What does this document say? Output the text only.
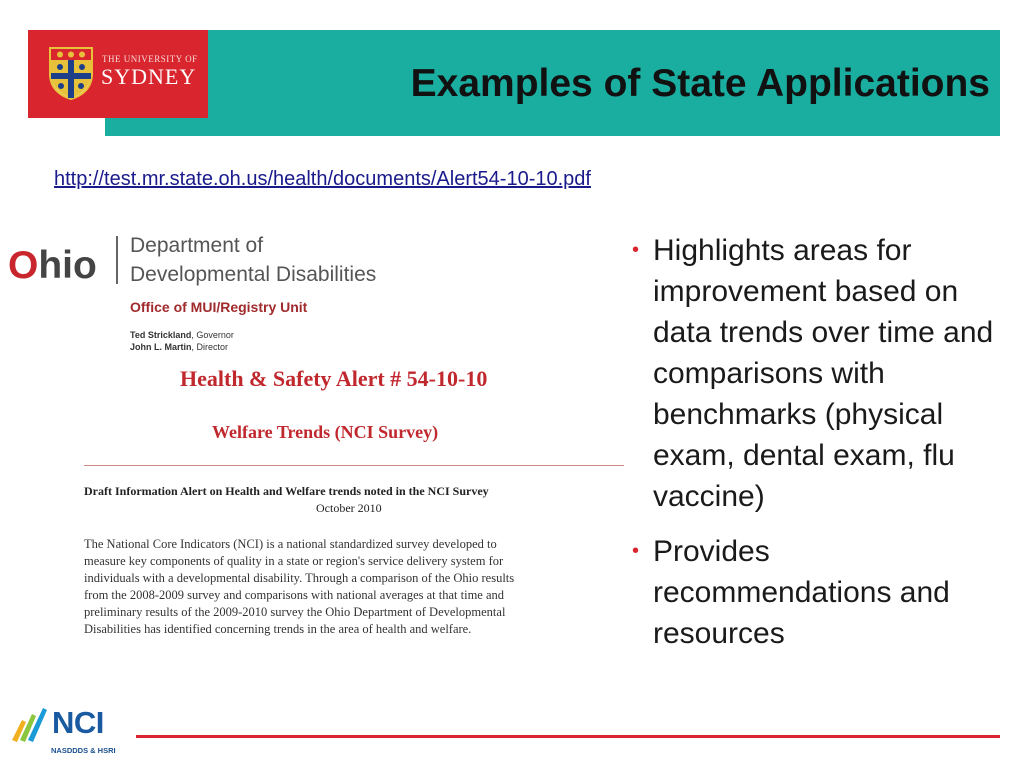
THE UNIVERSITY OF
SYDNEY	Examples of State Applications
http://test.mr.state.oh.us/health/documents/Alert54-10-10.pdf
Ohio Department of
Developmental Disabilities
Office of MUI/Registry Unit
Ted Strickland, Governor
John L. Martin, Director
Health & Safety Alert # 54-10-10
Welfare Trends (NCI Survey)
Draft Information Alert on Health and Welfare trends noted in the NCI Survey
October 2010
The National Core Indicators (NCI) is a national standardized survey developed to
measure key components of quality in a state or region's service delivery system for
individuals with a developmental disability. Through a comparison of the Ohio results
from the 2008-2009 survey and comparisons with national averages at that time and
preliminary results of the 2009-2010 survey the Ohio Department of Developmental
Disabilities has identified concerning trends in the area of health and welfare.
• Highlights areas for improvement based on data trends over time and comparisons with benchmarks (physical exam, dental exam, flu vaccine)
• Provides recommendations and resources
NCI
NASDDDS & HSRI
